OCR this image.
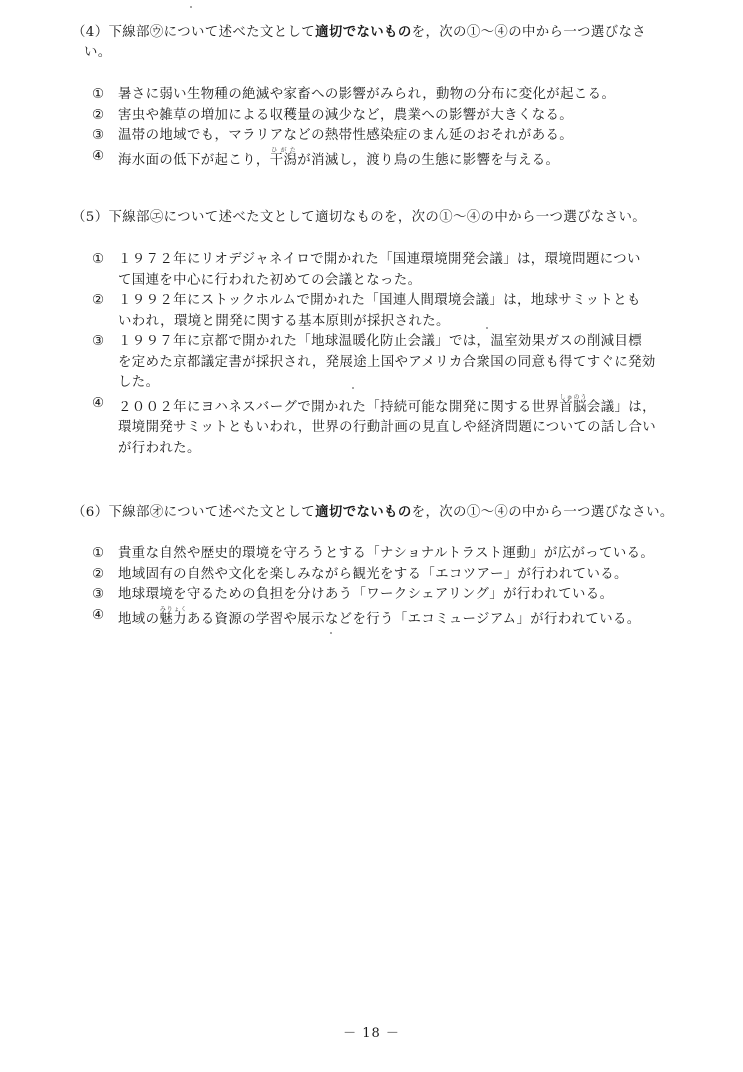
（4）下線部㋒について述べた文として適切でないものを，次の①～④の中から一つ選びなさ
い。
①	暑さに弱い生物種の絶滅や家畜への影響がみられ，動物の分布に変化が起こる。
②	害虫や雑草の増加による収穫量の減少など，農業への影響が大きくなる。
③	温帯の地域でも，マラリアなどの熱帯性感染症のまん延のおそれがある。
④	海水面の低下が起こり，干潟ひがたが消滅し，渡り鳥の生態に影響を与える。
（5）下線部㋓について述べた文として適切なものを，次の①～④の中から一つ選びなさい。
①	１９７２年にリオデジャネイロで開かれた「国連環境開発会議」は，環境問題につい
て国連を中心に行われた初めての会議となった。
②	１９９２年にストックホルムで開かれた「国連人間環境会議」は，地球サミットとも
いわれ，環境と開発に関する基本原則が採択された。
③	１９９７年に京都で開かれた「地球温暖化防止会議」では，温室効果ガスの削減目標
を定めた京都議定書が採択され，発展途上国やアメリカ合衆国の同意も得てすぐに発効
した。
④	２００２年にヨハネスバーグで開かれた「持続可能な開発に関する世界首脳しゅのう会議」は，
環境開発サミットともいわれ，世界の行動計画の見直しや経済問題についての話し合い
が行われた。
（6）下線部㋔について述べた文として適切でないものを，次の①～④の中から一つ選びなさい。
①	貴重な自然や歴史的環境を守ろうとする「ナショナルトラスト運動」が広がっている。
②	地域固有の自然や文化を楽しみながら観光をする「エコツアー」が行われている。
③	地球環境を守るための負担を分けあう「ワークシェアリング」が行われている。
④	地域の魅力みりょくある資源の学習や展示などを行う「エコミュージアム」が行われている。
－ 18 －
